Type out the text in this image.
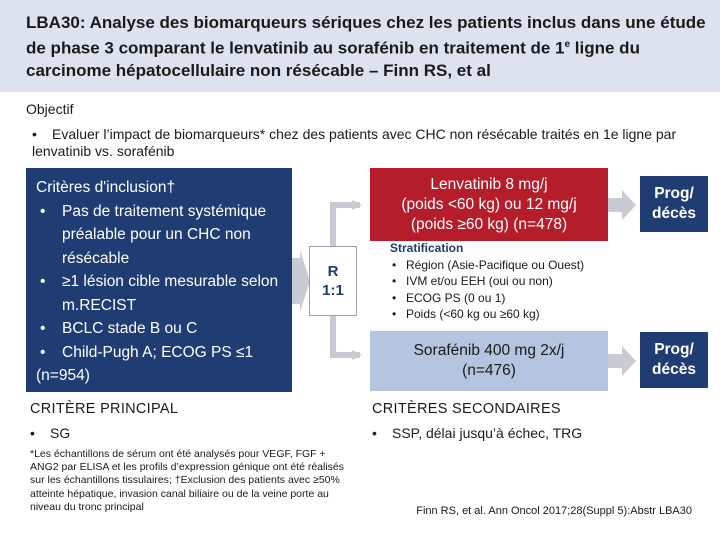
LBA30: Analyse des biomarqueurs sériques chez les patients inclus dans une étude de phase 3 comparant le lenvatinib au sorafénib en traitement de 1e ligne du carcinome hépatocellulaire non résécable – Finn RS, et al
Objectif
• Evaluer l’impact de biomarqueurs* chez des patients avec CHC non résécable traités en 1e ligne par lenvatinib vs. sorafénib
Critères d'inclusion†
• Pas de traitement systémique préalable pour un CHC non résécable
• ≥1 lésion cible mesurable selon m.RECIST
• BCLC stade B ou C
• Child-Pugh A; ECOG PS ≤1
(n=954)
R
1:1
Lenvatinib 8 mg/j
(poids <60 kg) ou 12 mg/j
(poids ≥60 kg) (n=478)
Stratification
• Région (Asie-Pacifique ou Ouest)
• IVM et/ou EEH (oui ou non)
• ECOG PS (0 ou 1)
• Poids (<60 kg ou ≥60 kg)
Sorafénib 400 mg 2x/j
(n=476)
Prog/
décès
Prog/
décès
CRITÈRE PRINCIPAL
• SG
CRITÈRES SECONDAIRES
• SSP, délai jusqu’à échec, TRG
*Les échantillons de sérum ont été analysés pour VEGF, FGF + ANG2 par ELISA et les profils d’expression génique ont été réalisés sur les échantillons tissulaires; †Exclusion des patients avec ≥50% atteinte hépatique, invasion canal biliaire ou de la veine porte au niveau du tronc principal	Finn RS, et al. Ann Oncol 2017;28(Suppl 5):Abstr LBA30
